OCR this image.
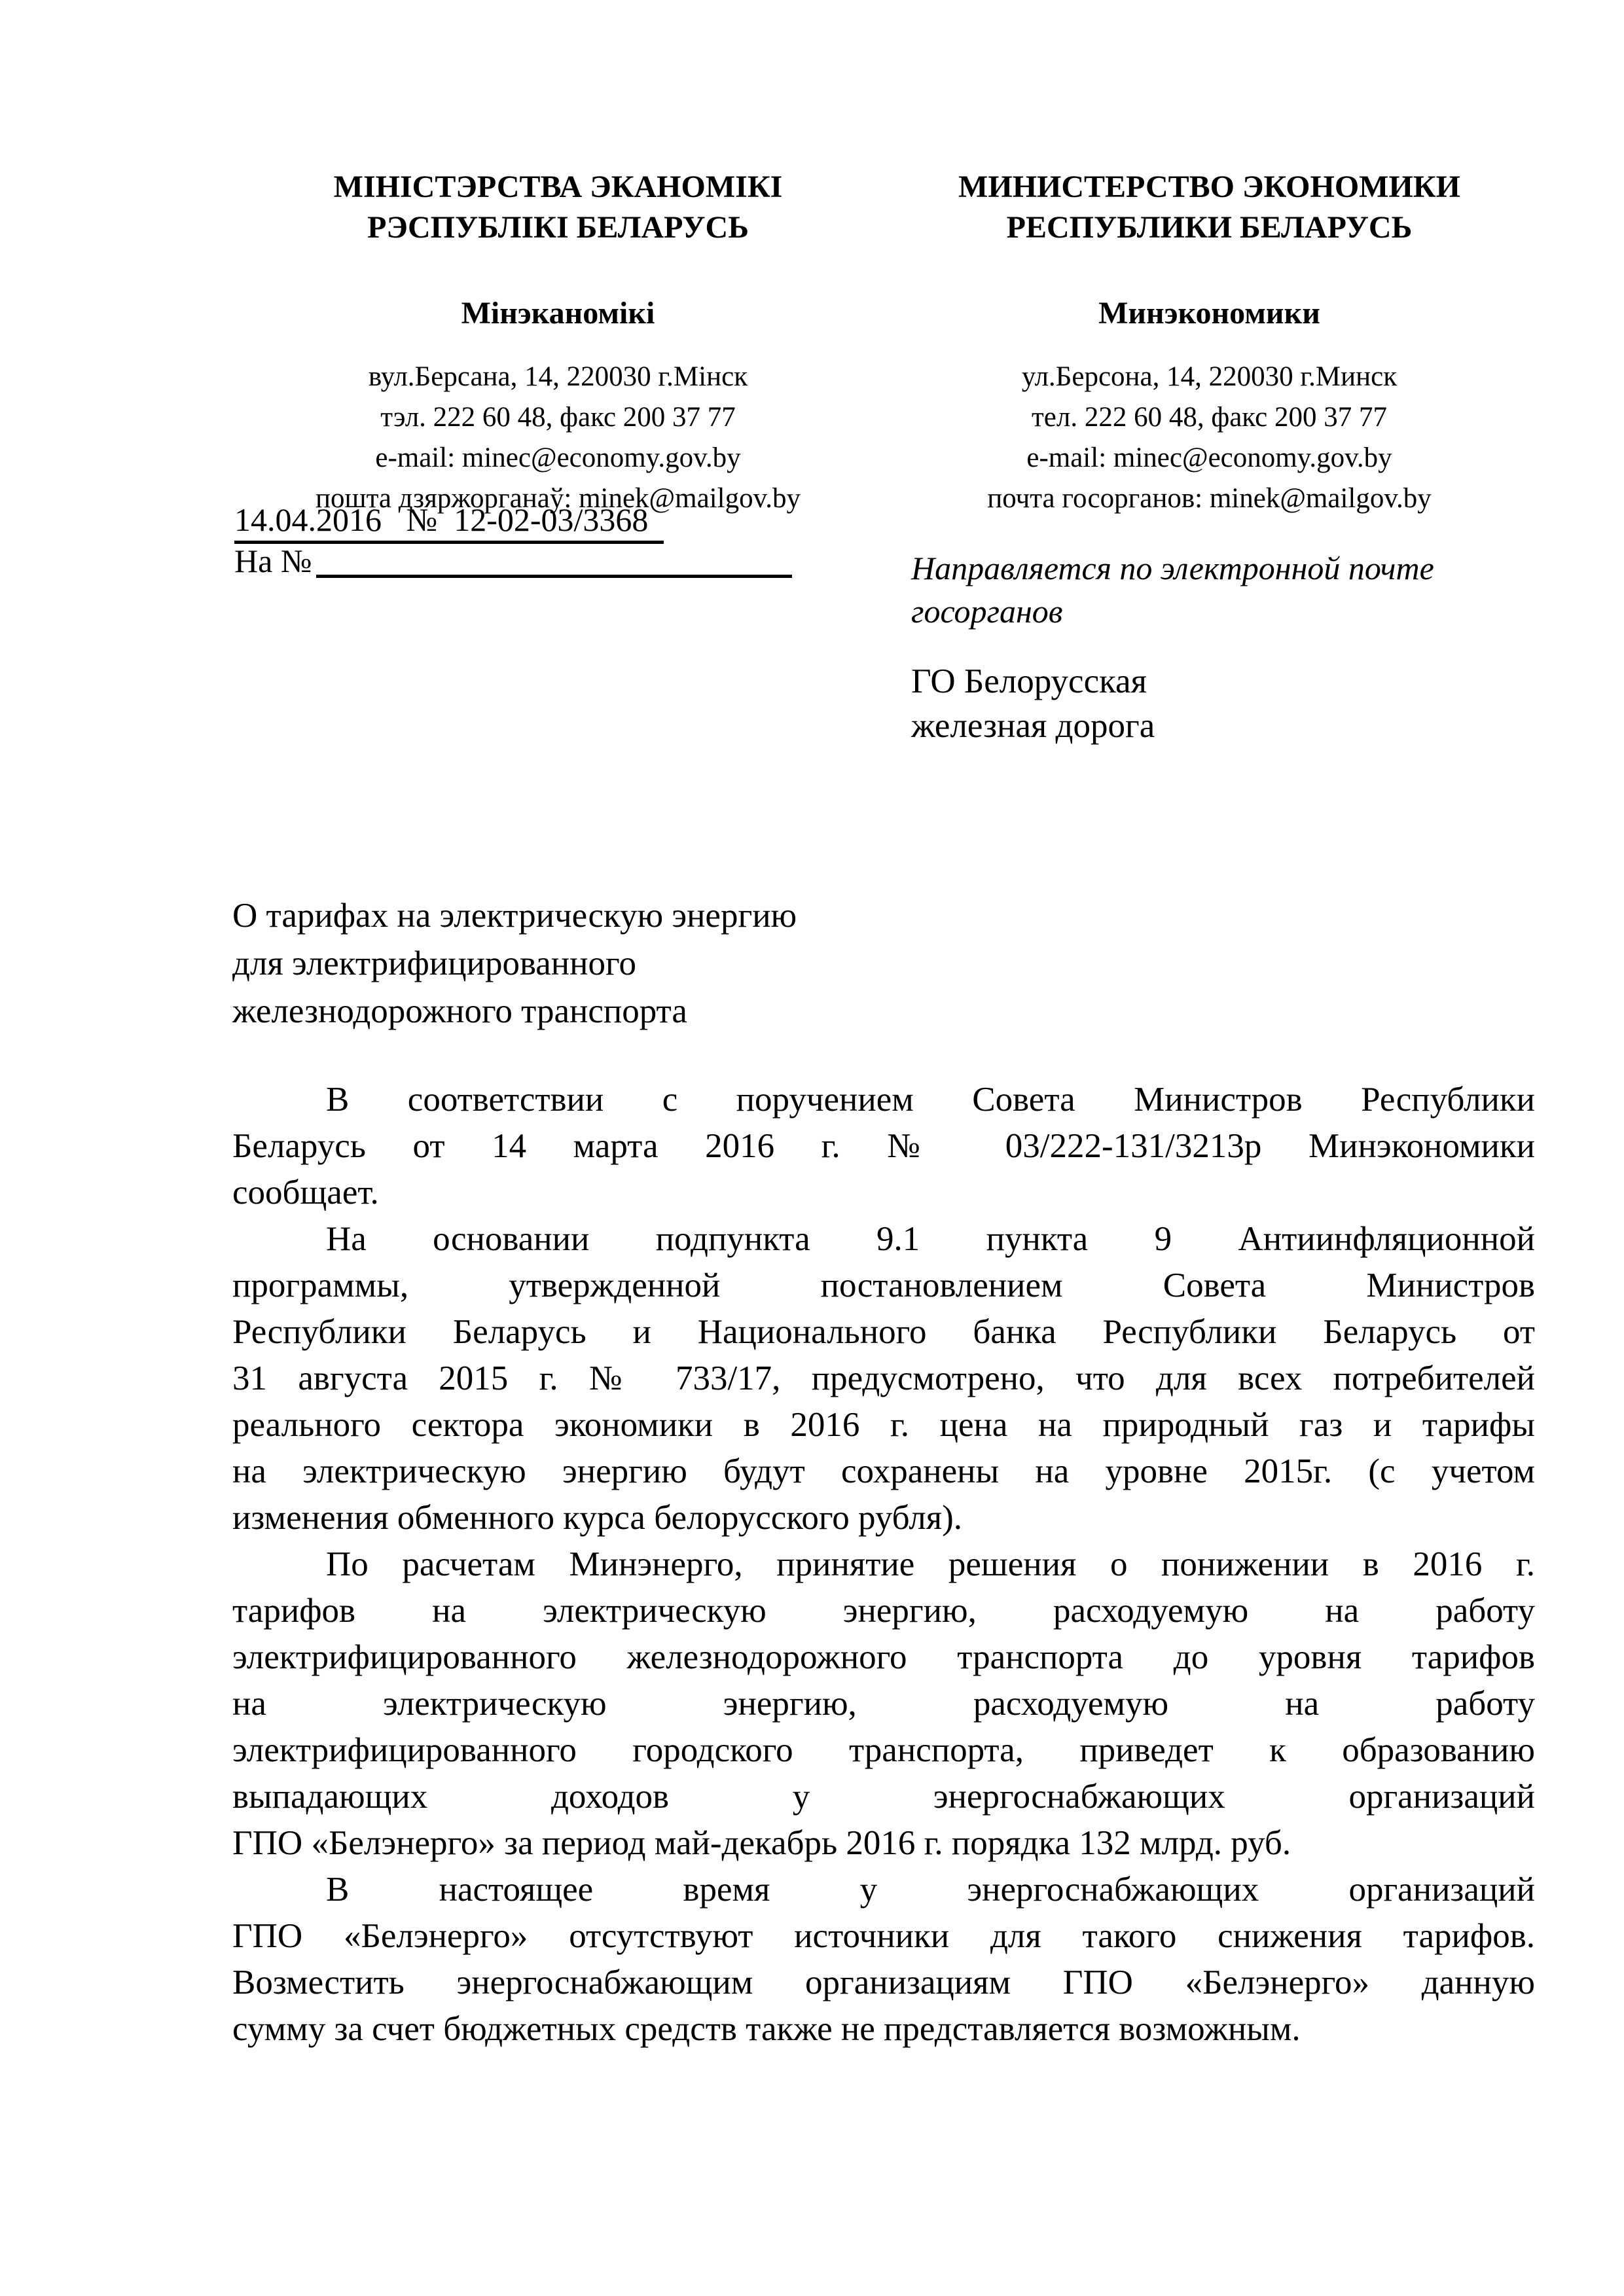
МІНІСТЭРСТВА ЭКАНОМІКІ
РЭСПУБЛІКІ БЕЛАРУСЬ
Мінэканомікі
вул.Берсана, 14, 220030 г.Мінск
тэл. 222 60 48, факс 200 37 77
e-mail: minec@economy.gov.by
пошта дзяржорганаў: minek@mailgov.by
МИНИСТЕРСТВО ЭКОНОМИКИ
РЕСПУБЛИКИ БЕЛАРУСЬ
Минэкономики
ул.Берсона, 14, 220030 г.Минск
тел. 222 60 48, факс 200 37 77
e-mail: minec@economy.gov.by
почта госорганов: minek@mailgov.by
14.04.2016   №  12-02-03/3368
На №	Направляется по электронной почте
госорганов
ГО Белорусская
железная дорога
О тарифах на электрическую энергию
для электрифицированного
железнодорожного транспорта
В соответствии с поручением Совета Министров Республики
Беларусь от 14 марта 2016 г. № 03/222-131/3213р Минэкономики
сообщает.
На основании подпункта 9.1 пункта 9 Антиинфляционной
программы, утвержденной постановлением Совета Министров
Республики Беларусь и Национального банка Республики Беларусь от
31 августа 2015 г. № 733/17, предусмотрено, что для всех потребителей
реального сектора экономики в 2016 г. цена на природный газ и тарифы
на электрическую энергию будут сохранены на уровне 2015г. (с учетом
изменения обменного курса белорусского рубля).
По расчетам Минэнерго, принятие решения о понижении в 2016 г.
тарифов на электрическую энергию, расходуемую на работу
электрифицированного железнодорожного транспорта до уровня тарифов
на электрическую энергию, расходуемую на работу
электрифицированного городского транспорта, приведет к образованию
выпадающих доходов у энергоснабжающих организаций
ГПО «Белэнерго» за период май-декабрь 2016 г. порядка 132 млрд. руб.
В настоящее время у энергоснабжающих организаций
ГПО «Белэнерго» отсутствуют источники для такого снижения тарифов.
Возместить энергоснабжающим организациям ГПО «Белэнерго» данную
сумму за счет бюджетных средств также не представляется возможным.
